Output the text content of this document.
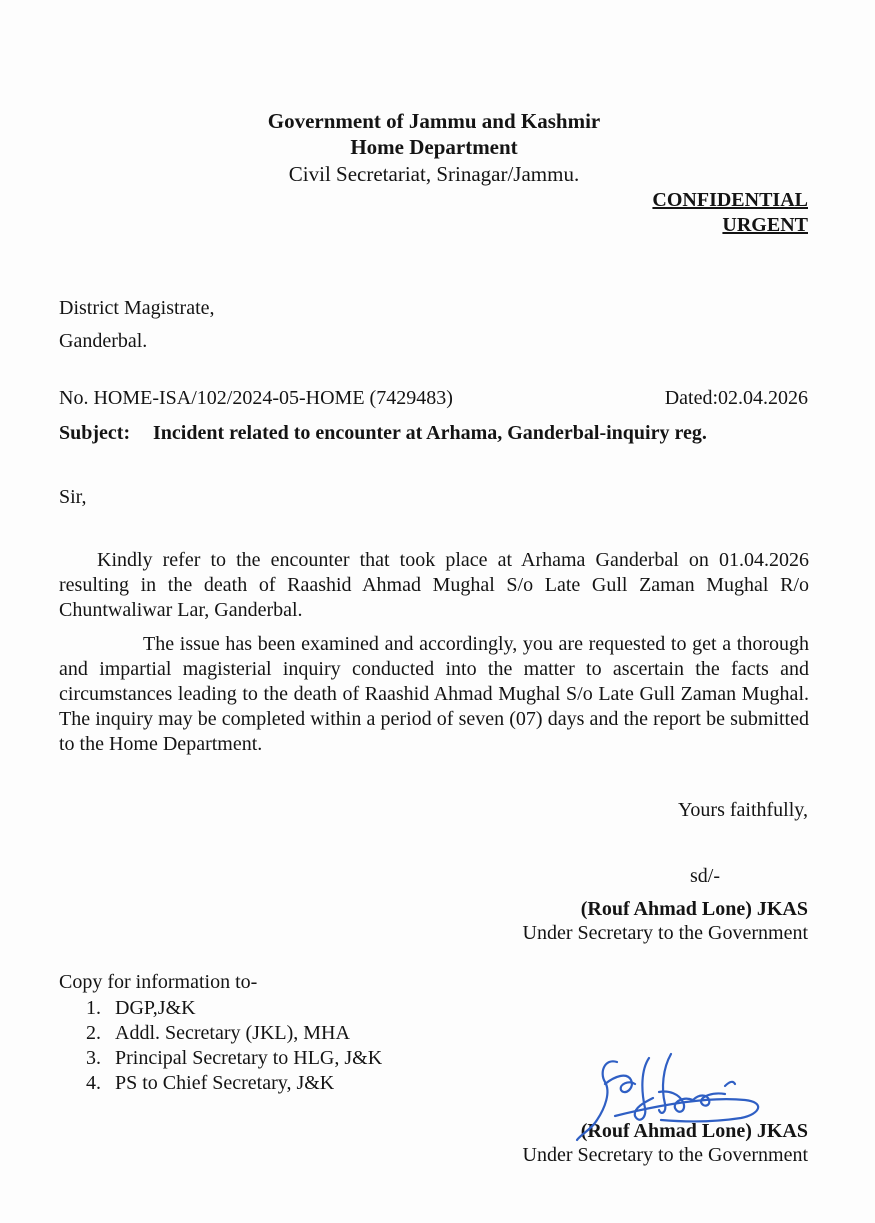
Government of Jammu and Kashmir
Home Department
Civil Secretariat, Srinagar/Jammu.
CONFIDENTIAL
URGENT
District Magistrate,
Ganderbal.
No. HOME-ISA/102/2024-05-HOME (7429483)	Dated:02.04.2026
Subject: Incident related to encounter at Arhama, Ganderbal-inquiry reg.
Sir,

Kindly refer to the encounter that took place at Arhama Ganderbal on 01.04.2026 resulting in the death of Raashid Ahmad Mughal S/o Late Gull Zaman Mughal R/o Chuntwaliwar Lar, Ganderbal.

The issue has been examined and accordingly, you are requested to get a thorough and impartial magisterial inquiry conducted into the matter to ascertain the facts and circumstances leading to the death of Raashid Ahmad Mughal S/o Late Gull Zaman Mughal. The inquiry may be completed within a period of seven (07) days and the report be submitted to the Home Department.

Yours faithfully,
sd/-
(Rouf Ahmad Lone) JKAS
Under Secretary to the Government
Copy for information to-
1. DGP,J&K
2. Addl. Secretary (JKL), MHA
3. Principal Secretary to HLG, J&K
4. PS to Chief Secretary, J&K
(Rouf Ahmad Lone) JKAS
Under Secretary to the Government
